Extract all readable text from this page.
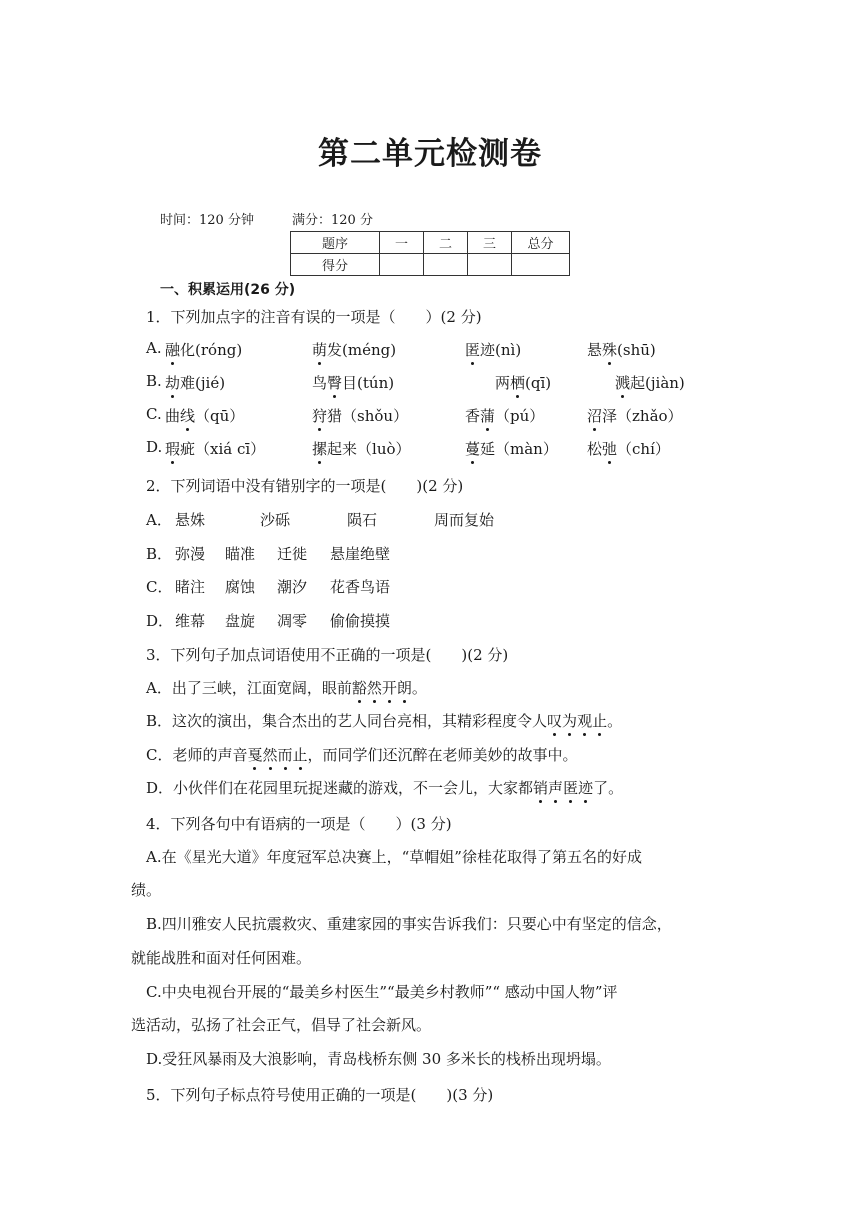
第二单元检测卷
时间：120 分钟	满分：120 分
题序	一	二	三	总分
得分				
一、积累运用(26 分)
1．下列加点字的注音有误的一项是（　　）(2 分)
A. 融化(róng)	萌发(méng)	匿迹(nì)	悬殊(shū)
B. 劫难(jié)	鸟臀目(tún)	两栖(qī)	溅起(jiàn)
C. 曲线（qū）	狩猎（shǒu）	香蒲（pú）	沼泽（zhǎo）
D. 瑕疵（xiá cī）	摞起来（luò）	蔓延（màn） 松弛（chí）
2．下列词语中没有错别字的一项是(　　)(2 分)
A． 悬姝	沙砾	陨石	周而复始
B． 弥漫 瞄准 迁徙 悬崖绝壁
C． 睹注 腐蚀 潮汐 花香鸟语
D． 维幕 盘旋 凋零 偷偷摸摸
3．下列句子加点词语使用不正确的一项是(　　)(2 分)
A．出了三峡，江面宽阔，眼前豁然开朗。
B．这次的演出，集合杰出的艺人同台亮相，其精彩程度令人叹为观止。
C．老师的声音戛然而止，而同学们还沉醉在老师美妙的故事中。
D．小伙伴们在花园里玩捉迷藏的游戏，不一会儿，大家都销声匿迹了。
4．下列各句中有语病的一项是（　　）(3 分)
A.在《星光大道》年度冠军总决赛上，“草帽姐”徐桂花取得了第五名的好成
绩。
B.四川雅安人民抗震救灾、重建家园的事实告诉我们：只要心中有坚定的信念，
就能战胜和面对任何困难。
C.中央电视台开展的“最美乡村医生”“最美乡村教师”“ 感动中国人物”评
选活动，弘扬了社会正气，倡导了社会新风。
D.受狂风暴雨及大浪影响，青岛栈桥东侧 30 多米长的栈桥出现坍塌。
5．下列句子标点符号使用正确的一项是(　　)(3 分)
